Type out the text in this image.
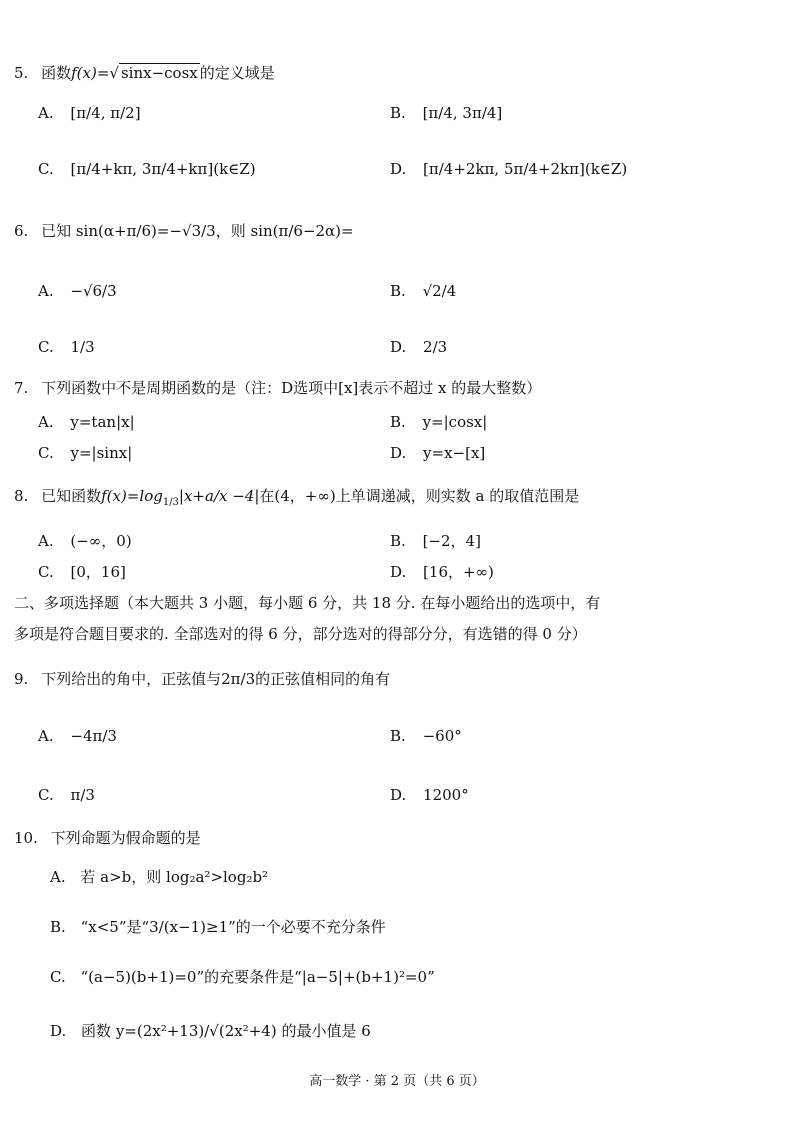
5. 函数f(x)=√ sinx−cosx 的定义域是
A. [π/4, π/2]	B. [π/4, 3π/4]
C. [π/4+kπ, 3π/4+kπ](k∈Z)	D. [π/4+2kπ, 5π/4+2kπ](k∈Z)
6. 已知 sin(α+π/6)=−√3/3，则 sin(π/6−2α)=
A. −√6/3	B. √2/4
C. 1/3	D. 2/3
7. 下列函数中不是周期函数的是（注：D选项中[x]表示不超过 x 的最大整数）
A. y=tan|x|	B. y=|cosx|
C. y=|sinx|	D. y=x−[x]
8. 已知函数$f(x)=\log_{1/3}|x+a/x -4|$在(4，+∞)上单调递减，则实数 a 的取值范围是
A. (−∞，0)	B. [−2，4]
C. [0，16]	D. [16，+∞)
二、多项选择题（本大题共 3 小题，每小题 6 分，共 18 分. 在每小题给出的选项中，有
多项是符合题目要求的. 全部选对的得 6 分，部分选对的得部分分，有选错的得 0 分）
9. 下列给出的角中，正弦值与2π/3的正弦值相同的角有
A. −4π/3	B. −60°
C. π/3	D. 1200°
10. 下列命题为假命题的是
A. 若 a>b，则 log₂a²>log₂b²
B. “x<5”是“3/(x−1)≥1”的一个必要不充分条件
C. “(a−5)(b+1)=0”的充要条件是“|a−5|+(b+1)²=0”
D. 函数 y=(2x²+13)/√(2x²+4) 的最小值是 6
高一数学 · 第 2 页（共 6 页）
